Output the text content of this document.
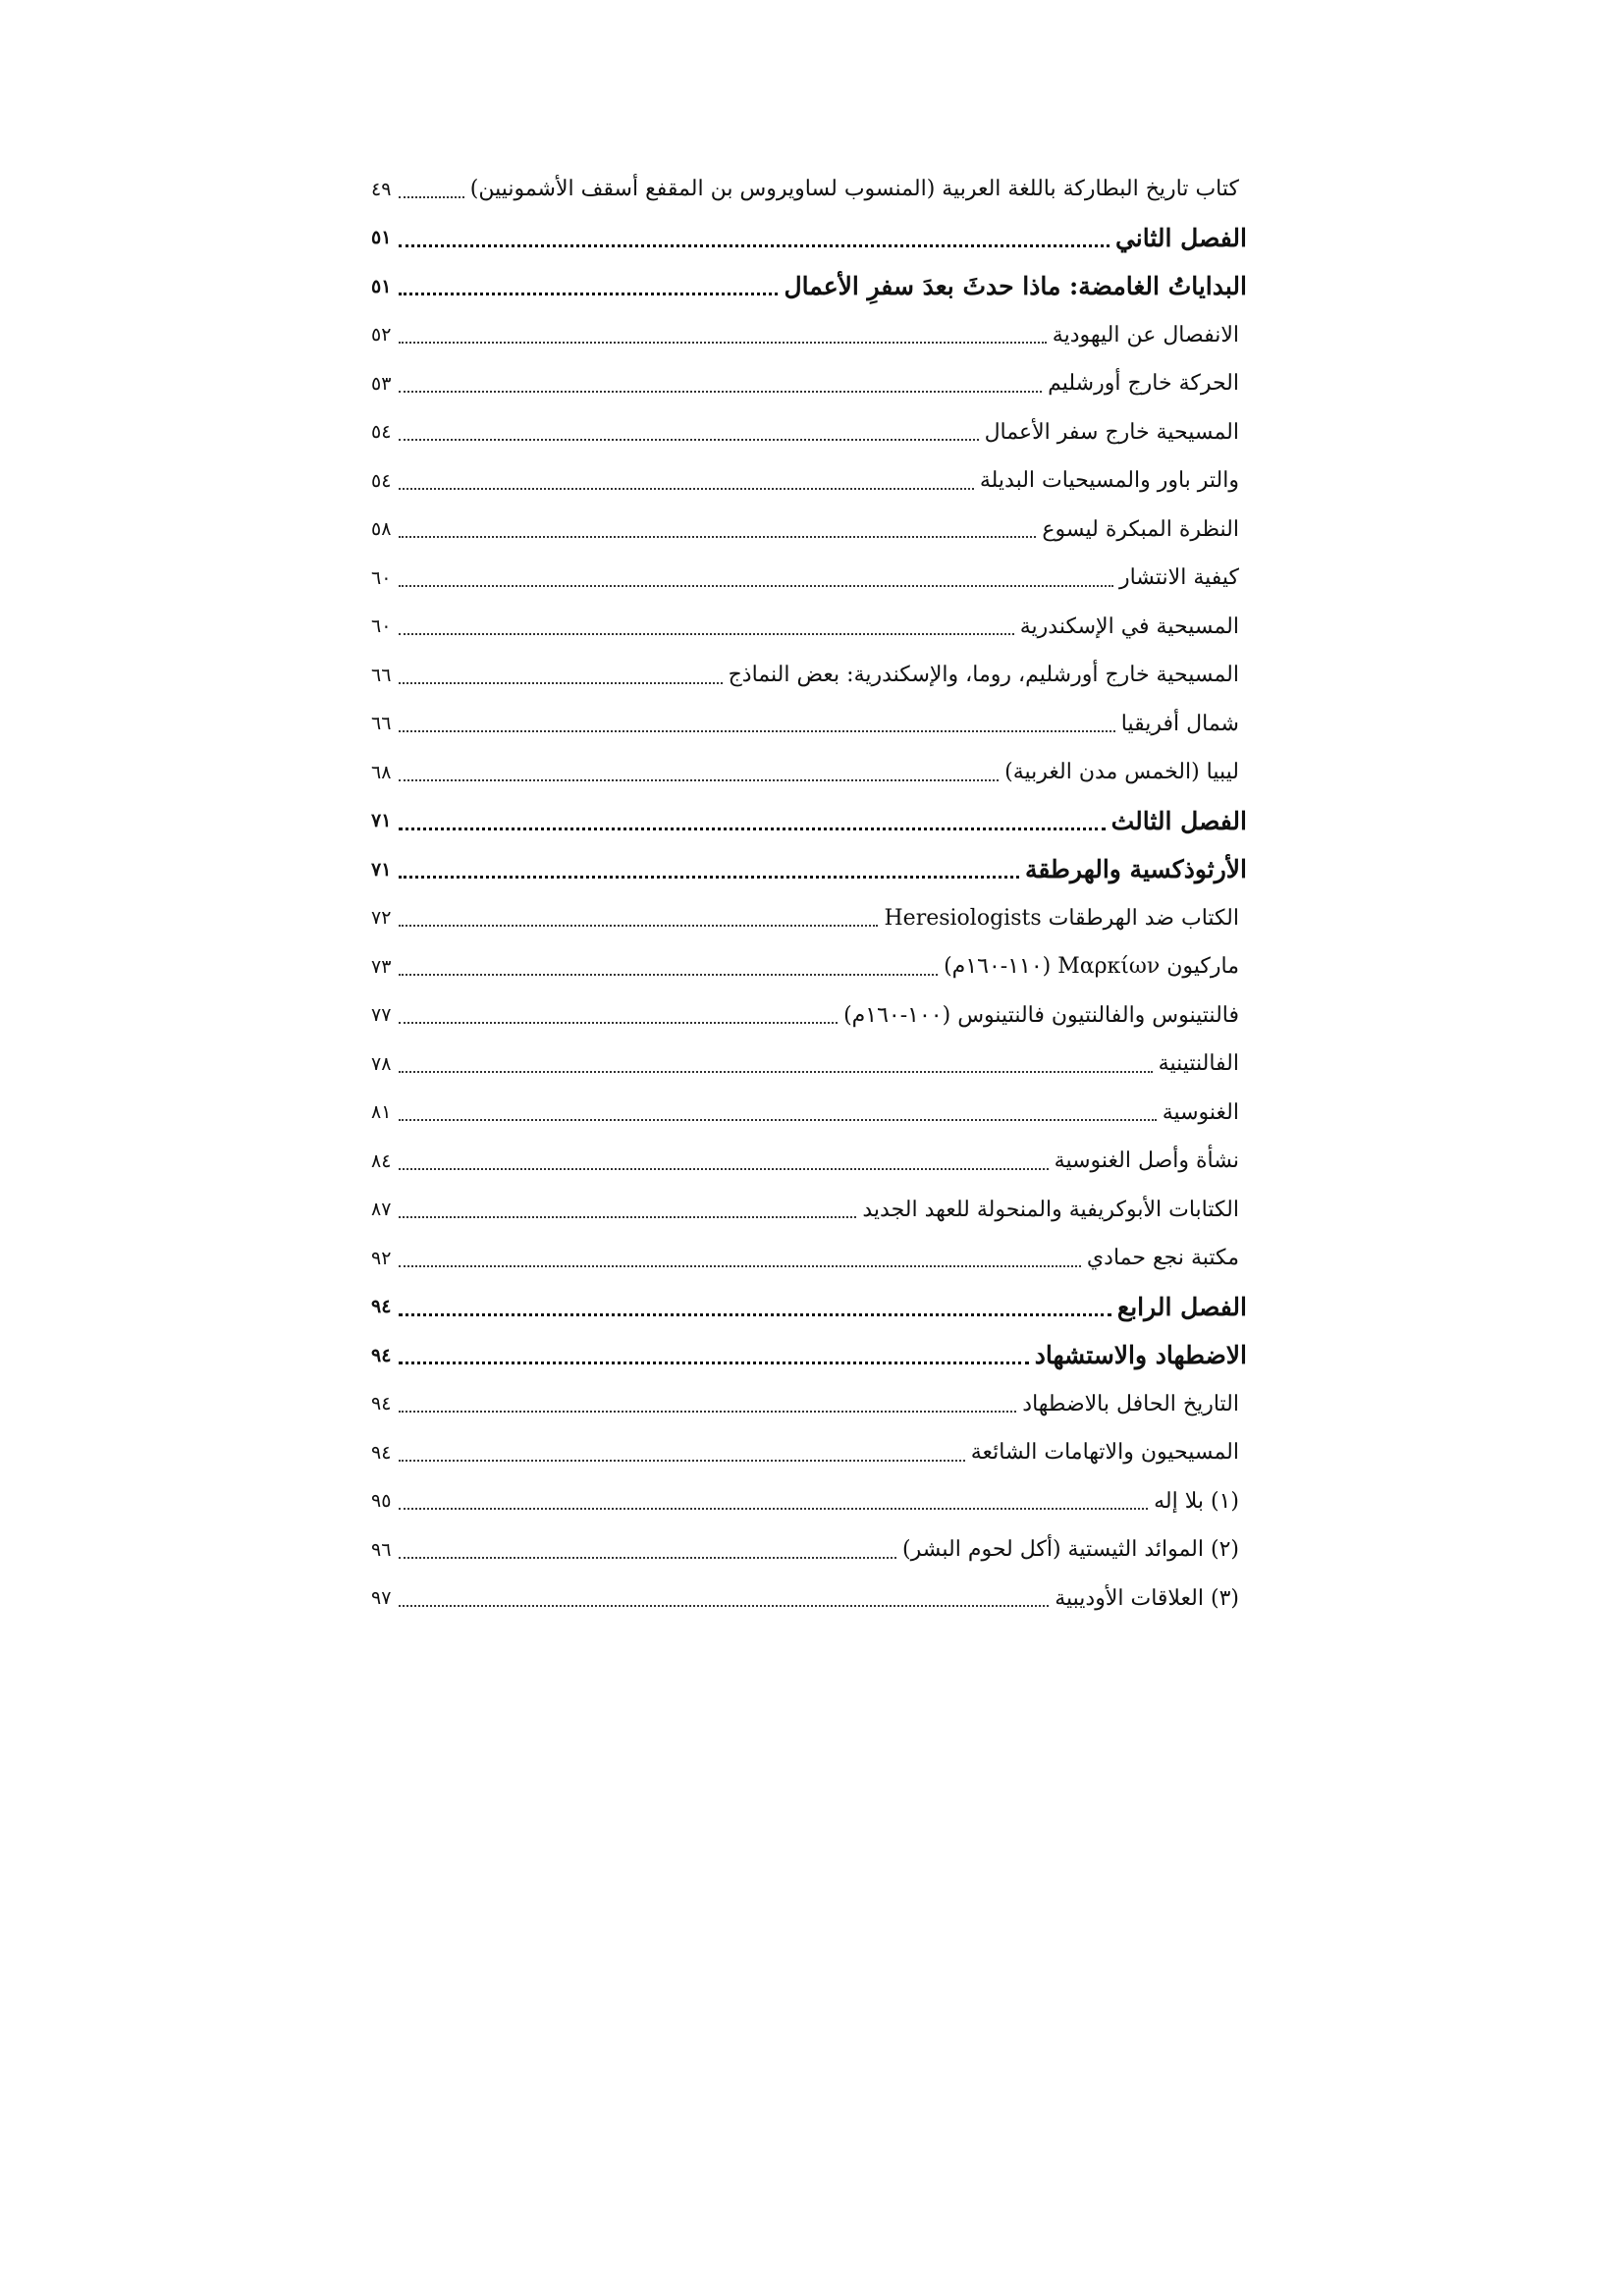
٤٩	كتاب تاريخ البطاركة باللغة العربية (المنسوب لساويروس بن المقفع أسقف الأشمونيين)
٥١	الفصل الثاني
٥١	البداياتُ الغامضة: ماذا حدثَ بعدَ سفرِ الأعمال
٥٢	الانفصال عن اليهودية
٥٣	الحركة خارج أورشليم
٥٤	المسيحية خارج سفر الأعمال
٥٤	والتر باور والمسيحيات البديلة
٥٨	النظرة المبكرة ليسوع
٦٠	كيفية الانتشار
٦٠	المسيحية في الإسكندرية
٦٦	المسيحية خارج أورشليم، روما، والإسكندرية: بعض النماذج
٦٦	شمال أفريقيا
٦٨	ليبيا (الخمس مدن الغربية)
٧١	الفصل الثالث
٧١	الأرثوذكسية والهرطقة
٧٢	الكتاب ضد الهرطقات Heresiologists
٧٣	ماركيون Μαρκίων (١١٠-١٦٠م)
٧٧	فالنتينوس والفالنتيون فالنتينوس (١٠٠-١٦٠م)
٧٨	الفالنتينية
٨١	الغنوسية
٨٤	نشأة وأصل الغنوسية
٨٧	الكتابات الأبوكريفية والمنحولة للعهد الجديد
٩٢	مكتبة نجع حمادي
٩٤	الفصل الرابع
٩٤	الاضطهاد والاستشهاد
٩٤	التاريخ الحافل بالاضطهاد
٩٤	المسيحيون والاتهامات الشائعة
٩٥	(١) بلا إله
٩٦	(٢) الموائد الثيستية (أكل لحوم البشر)
٩٧	(٣) العلاقات الأوديبية
